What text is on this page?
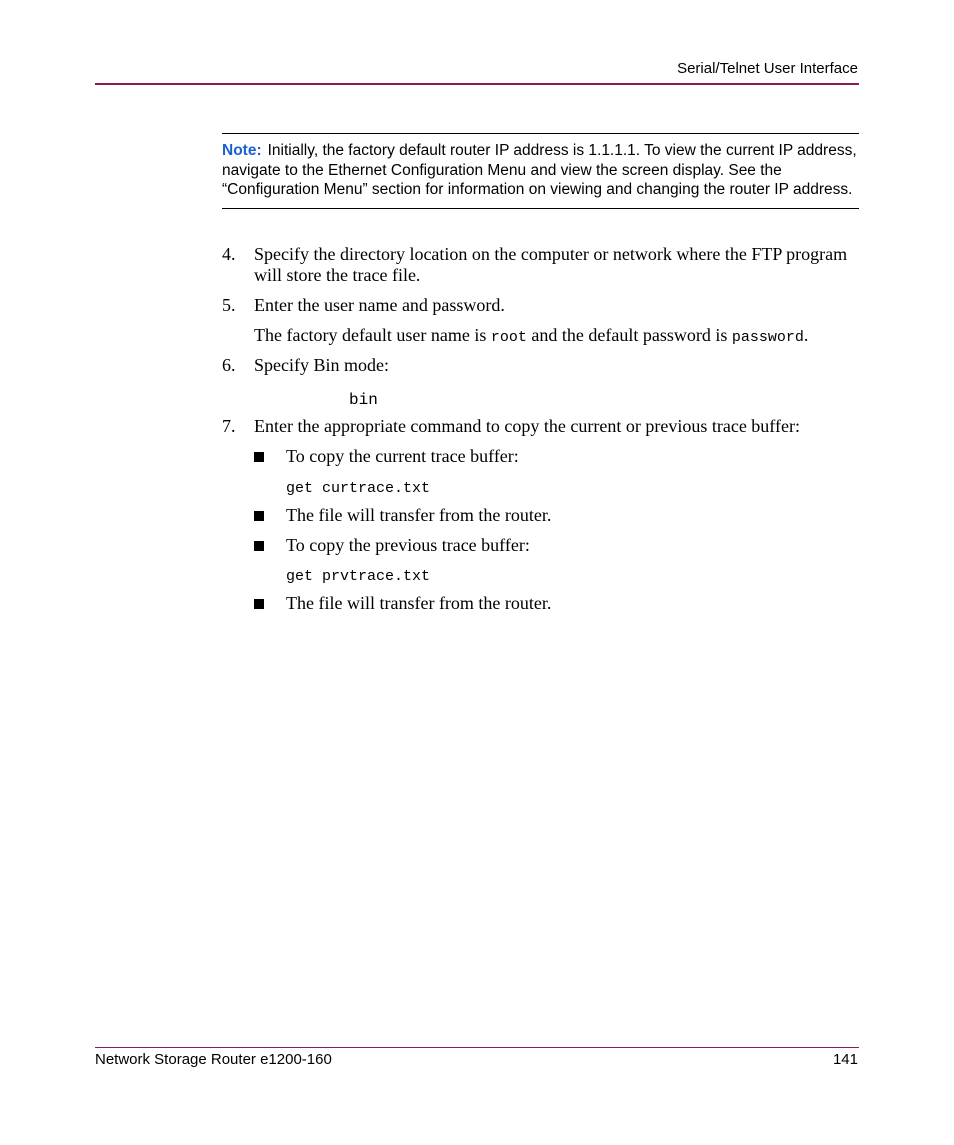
Serial/Telnet User Interface
Note: Initially, the factory default router IP address is 1.1.1.1. To view the current IP address, navigate to the Ethernet Configuration Menu and view the screen display. See the “Configuration Menu” section for information on viewing and changing the router IP address.
4.	Specify the directory location on the computer or network where the FTP program will store the trace file.
5.	Enter the user name and password.
The factory default user name is root and the default password is password.
6.	Specify Bin mode:
bin
7.	Enter the appropriate command to copy the current or previous trace buffer:
To copy the current trace buffer:
get curtrace.txt
The file will transfer from the router.
To copy the previous trace buffer:
get prvtrace.txt
The file will transfer from the router.
Network Storage Router e1200-160	141
